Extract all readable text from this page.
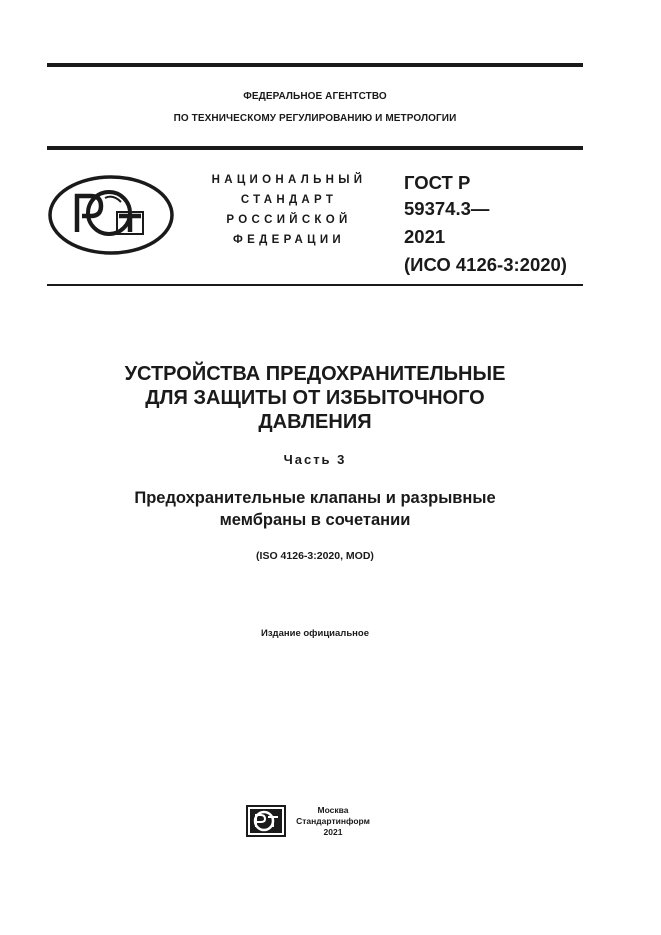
ФЕДЕРАЛЬНОЕ АГЕНТСТВО
ПО ТЕХНИЧЕСКОМУ РЕГУЛИРОВАНИЮ И МЕТРОЛОГИИ
НАЦИОНАЛЬНЫЙ
СТАНДАРТ
РОССИЙСКОЙ
ФЕДЕРАЦИИ
ГОСТ Р
59374.3—
2021
(ИСО 4126-3:2020)
УСТРОЙСТВА ПРЕДОХРАНИТЕЛЬНЫЕ
ДЛЯ ЗАЩИТЫ ОТ ИЗБЫТОЧНОГО
ДАВЛЕНИЯ
Часть 3
Предохранительные клапаны и разрывные
мембраны в сочетании
(ISO 4126-3:2020, MOD)
Издание официальное
Москва
Стандартинформ
2021
